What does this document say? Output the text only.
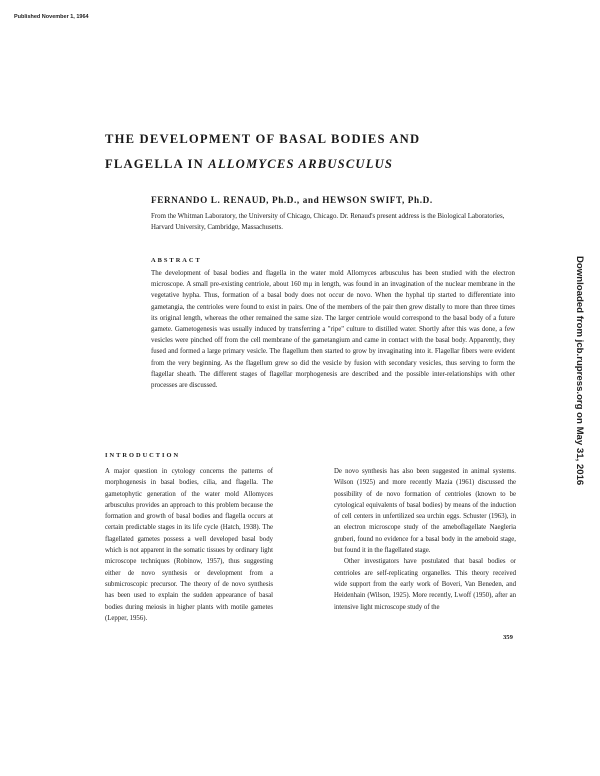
Published November 1, 1964
THE DEVELOPMENT OF BASAL BODIES AND
FLAGELLA IN ALLOMYCES ARBUSCULUS
FERNANDO L. RENAUD, Ph.D., and HEWSON SWIFT, Ph.D.
From the Whitman Laboratory, the University of Chicago, Chicago. Dr. Renaud's present address is the Biological Laboratories, Harvard University, Cambridge, Massachusetts.
ABSTRACT
The development of basal bodies and flagella in the water mold Allomyces arbusculus has been studied with the electron microscope. A small pre-existing centriole, about 160 mμ in length, was found in an invagination of the nuclear membrane in the vegetative hypha. Thus, formation of a basal body does not occur de novo. When the hyphal tip started to differentiate into gametangia, the centrioles were found to exist in pairs. One of the members of the pair then grew distally to more than three times its original length, whereas the other remained the same size. The larger centriole would correspond to the basal body of a future gamete. Gametogenesis was usually induced by transferring a "ripe" culture to distilled water. Shortly after this was done, a few vesicles were pinched off from the cell membrane of the gametangium and came in contact with the basal body. Apparently, they fused and formed a large primary vesicle. The flagellum then started to grow by invaginating into it. Flagellar fibers were evident from the very beginning. As the flagellum grew so did the vesicle by fusion with secondary vesicles, thus serving to form the flagellar sheath. The different stages of flagellar morphogenesis are described and the possible inter-relationships with other processes are discussed.
INTRODUCTION

A major question in cytology concerns the patterns of morphogenesis in basal bodies, cilia, and flagella. The gametophytic generation of the water mold Allomyces arbusculus provides an approach to this problem because the formation and growth of basal bodies and flagella occurs at certain predictable stages in its life cycle (Hatch, 1938). The flagellated gametes possess a well developed basal body which is not apparent in the somatic tissues by ordinary light microscope techniques (Robinow, 1957), thus suggesting either de novo synthesis or development from a submicroscopic precursor. The theory of de novo synthesis has been used to explain the sudden appearance of basal bodies during meiosis in higher plants with motile gametes (Lepper, 1956).

De novo synthesis has also been suggested in animal systems. Wilson (1925) and more recently Mazia (1961) discussed the possibility of de novo formation of centrioles (known to be cytological equivalents of basal bodies) by means of the induction of cell centers in unfertilized sea urchin eggs. Schuster (1963), in an electron microscope study of the ameboflagellate Naegleria gruberi, found no evidence for a basal body in the ameboid stage, but found it in the flagellated stage.

Other investigators have postulated that basal bodies or centrioles are self-replicating organelles. This theory received wide support from the early work of Boveri, Van Beneden, and Heidenhain (Wilson, 1925). More recently, Lwoff (1950), after an intensive light microscope study of the

359
Downloaded from jcb.rupress.org on May 31, 2016
